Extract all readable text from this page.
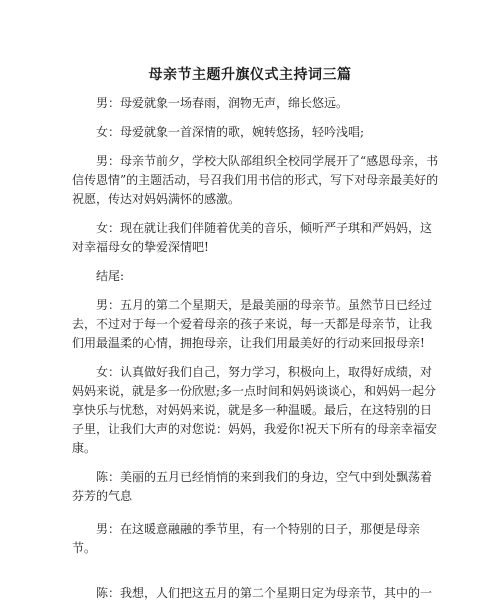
母亲节主题升旗仪式主持词三篇

男：母爱就象一场春雨，润物无声，绵长悠远。

女：母爱就象一首深情的歌，婉转悠扬，轻吟浅唱;

男：母亲节前夕，学校大队部组织全校同学展开了“感恩母亲，书信传恩情”的主题活动，号召我们用书信的形式，写下对母亲最美好的祝愿，传达对妈妈满怀的感激。

女：现在就让我们伴随着优美的音乐，倾听严子琪和严妈妈，这对幸福母女的挚爱深情吧!

结尾:

男：五月的第二个星期天，是最美丽的母亲节。虽然节日已经过去，不过对于每一个爱着母亲的孩子来说，每一天都是母亲节，让我们用最温柔的心情，拥抱母亲，让我们用最美好的行动来回报母亲!

女：认真做好我们自己，努力学习，积极向上，取得好成绩，对妈妈来说，就是多一份欣慰;多一点时间和妈妈谈谈心，和妈妈一起分享快乐与忧愁，对妈妈来说，就是多一种温暖。最后，在这特别的日子里，让我们大声的对您说：妈妈，我爱你!祝天下所有的母亲幸福安康。

陈：美丽的五月已经悄悄的来到我们的身边，空气中到处飘荡着芬芳的气息

男：在这暖意融融的季节里，有一个特别的日子，那便是母亲节。

陈：我想，人们把这五月的第二个星期日定为母亲节，其中的一
